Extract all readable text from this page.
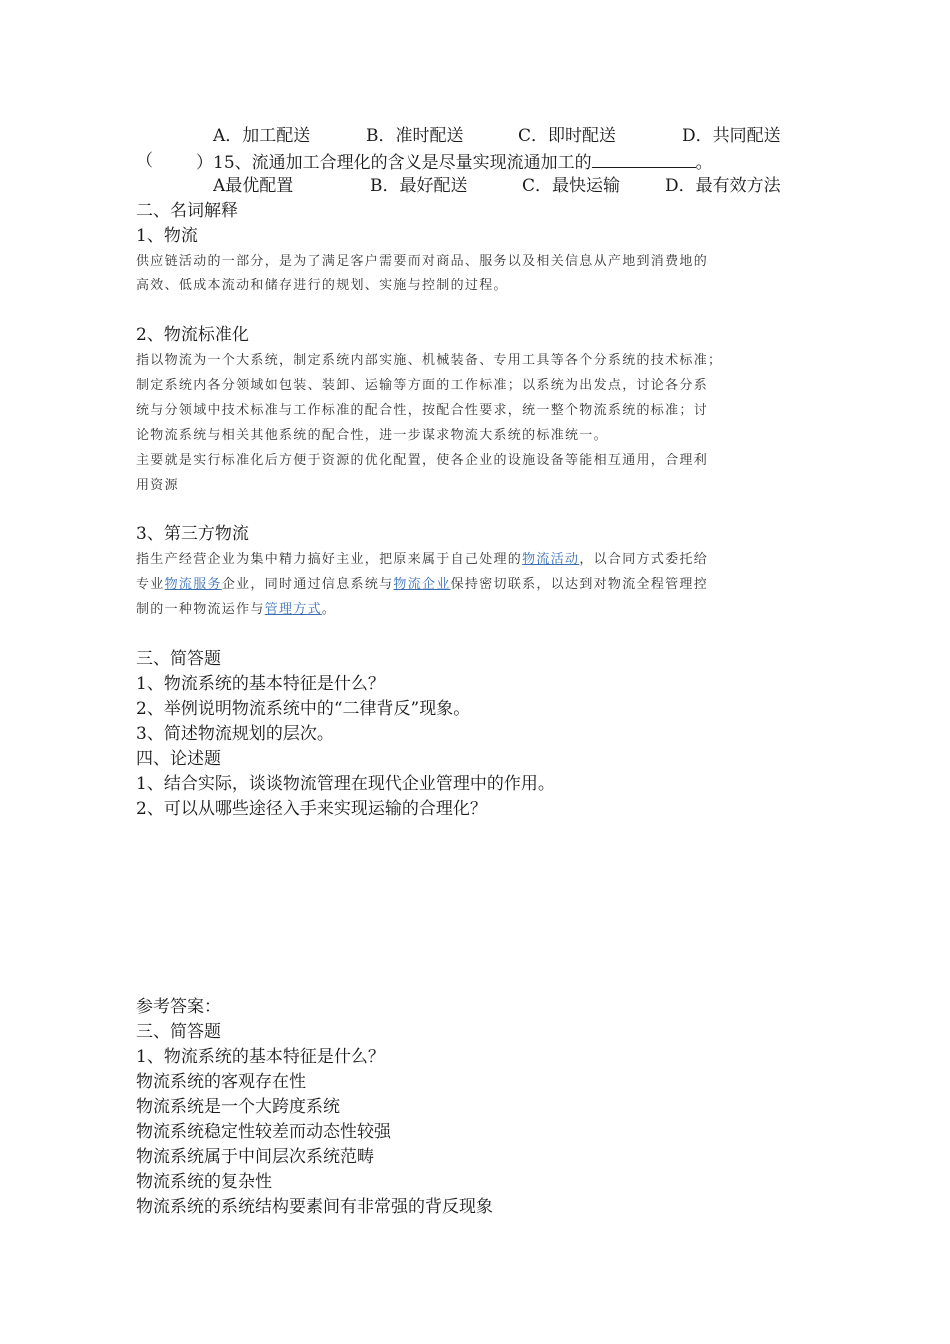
A．加工配送	B．准时配送	C．即时配送	D．共同配送
（	）15、流通加工合理化的含义是尽量实现流通加工的	。
A最优配置	B．最好配送	C．最快运输	D．最有效方法
二、名词解释
1、物流
供应链活动的一部分，是为了满足客户需要而对商品、服务以及相关信息从产地到消费地的
高效、低成本流动和储存进行的规划、实施与控制的过程。
2、物流标准化
指以物流为一个大系统，制定系统内部实施、机械装备、专用工具等各个分系统的技术标准；
制定系统内各分领域如包装、装卸、运输等方面的工作标准；以系统为出发点，讨论各分系
统与分领域中技术标准与工作标准的配合性，按配合性要求，统一整个物流系统的标准；讨
论物流系统与相关其他系统的配合性，进一步谋求物流大系统的标准统一。
主要就是实行标准化后方便于资源的优化配置，使各企业的设施设备等能相互通用，合理利
用资源
3、第三方物流
指生产经营企业为集中精力搞好主业，把原来属于自己处理的物流活动，以合同方式委托给
专业物流服务企业，同时通过信息系统与物流企业保持密切联系，以达到对物流全程管理控
制的一种物流运作与管理方式。
三、简答题
1、物流系统的基本特征是什么？
2、举例说明物流系统中的“二律背反”现象。
3、简述物流规划的层次。
四、论述题
1、结合实际，谈谈物流管理在现代企业管理中的作用。
2、可以从哪些途径入手来实现运输的合理化？
参考答案：
三、简答题
1、物流系统的基本特征是什么？
物流系统的客观存在性
物流系统是一个大跨度系统
物流系统稳定性较差而动态性较强
物流系统属于中间层次系统范畴
物流系统的复杂性
物流系统的系统结构要素间有非常强的背反现象
